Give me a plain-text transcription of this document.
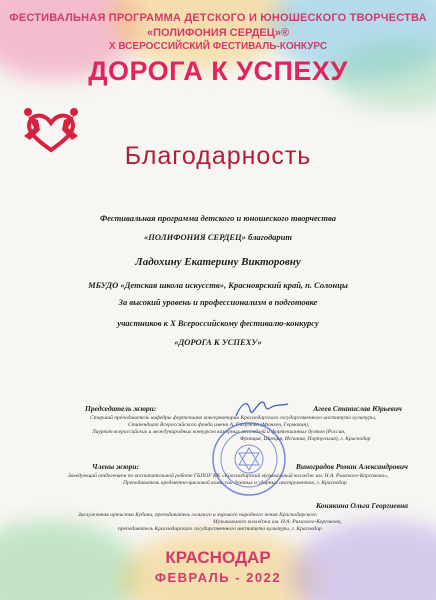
ФЕСТИВАЛЬНАЯ ПРОГРАММА ДЕТСКОГО И ЮНОШЕСКОГО ТВОРЧЕСТВА
«ПОЛИФОНИЯ СЕРДЕЦ»®
X ВСЕРОССИЙСКИЙ ФЕСТИВАЛЬ-КОНКУРС
ДОРОГА К УСПЕХУ
Благодарность
Фестивальная программа детского и юношеского творчества
«ПОЛИФОНИЯ СЕРДЕЦ» благодарит
Ладохину Екатерину Викторовну
МБУДО «Детская школа искусств», Красноярский край, п. Солонцы
За высокий уровень и профессионализм в подготовке
участников к X Всероссийскому фестивалю-конкурсу
«ДОРОГА К УСПЕХУ»
Председатель жюри:	Агеев Станислав Юрьевич
Старший преподаватель кафедры фортепиано консерватории Краснодарского государственного института культуры,
Стипендиат Всероссийского фонда имени А. Глазунова (Мюнхен, Германия),
Лауреат всероссийских и международных конкурсов камерных ансамблей и фортепианных дуэтов (Россия,
Франция, Швеция, Испания, Португалия), г. Краснодар
Члены жюри:	Виноградов Роман Александрович
Заведующий отделением по воспитательной работе ГБПОУ КК «Краснодарский музыкальный колледж им. Н.А. Римского-Корсакова»,
Преподаватель предметно-цикловой комиссии духовых и ударных инструментов, г. Краснодар
Конякина Ольга Георгиевна
Заслуженная артистка Кубани, преподаватель сольного и хорового народного пения Краснодарского
Музыкального колледжа им. Н.А. Римского-Корсакова,
преподаватель Краснодарского государственного института культуры, г. Краснодар
КРАСНОДАР
ФЕВРАЛЬ - 2022
